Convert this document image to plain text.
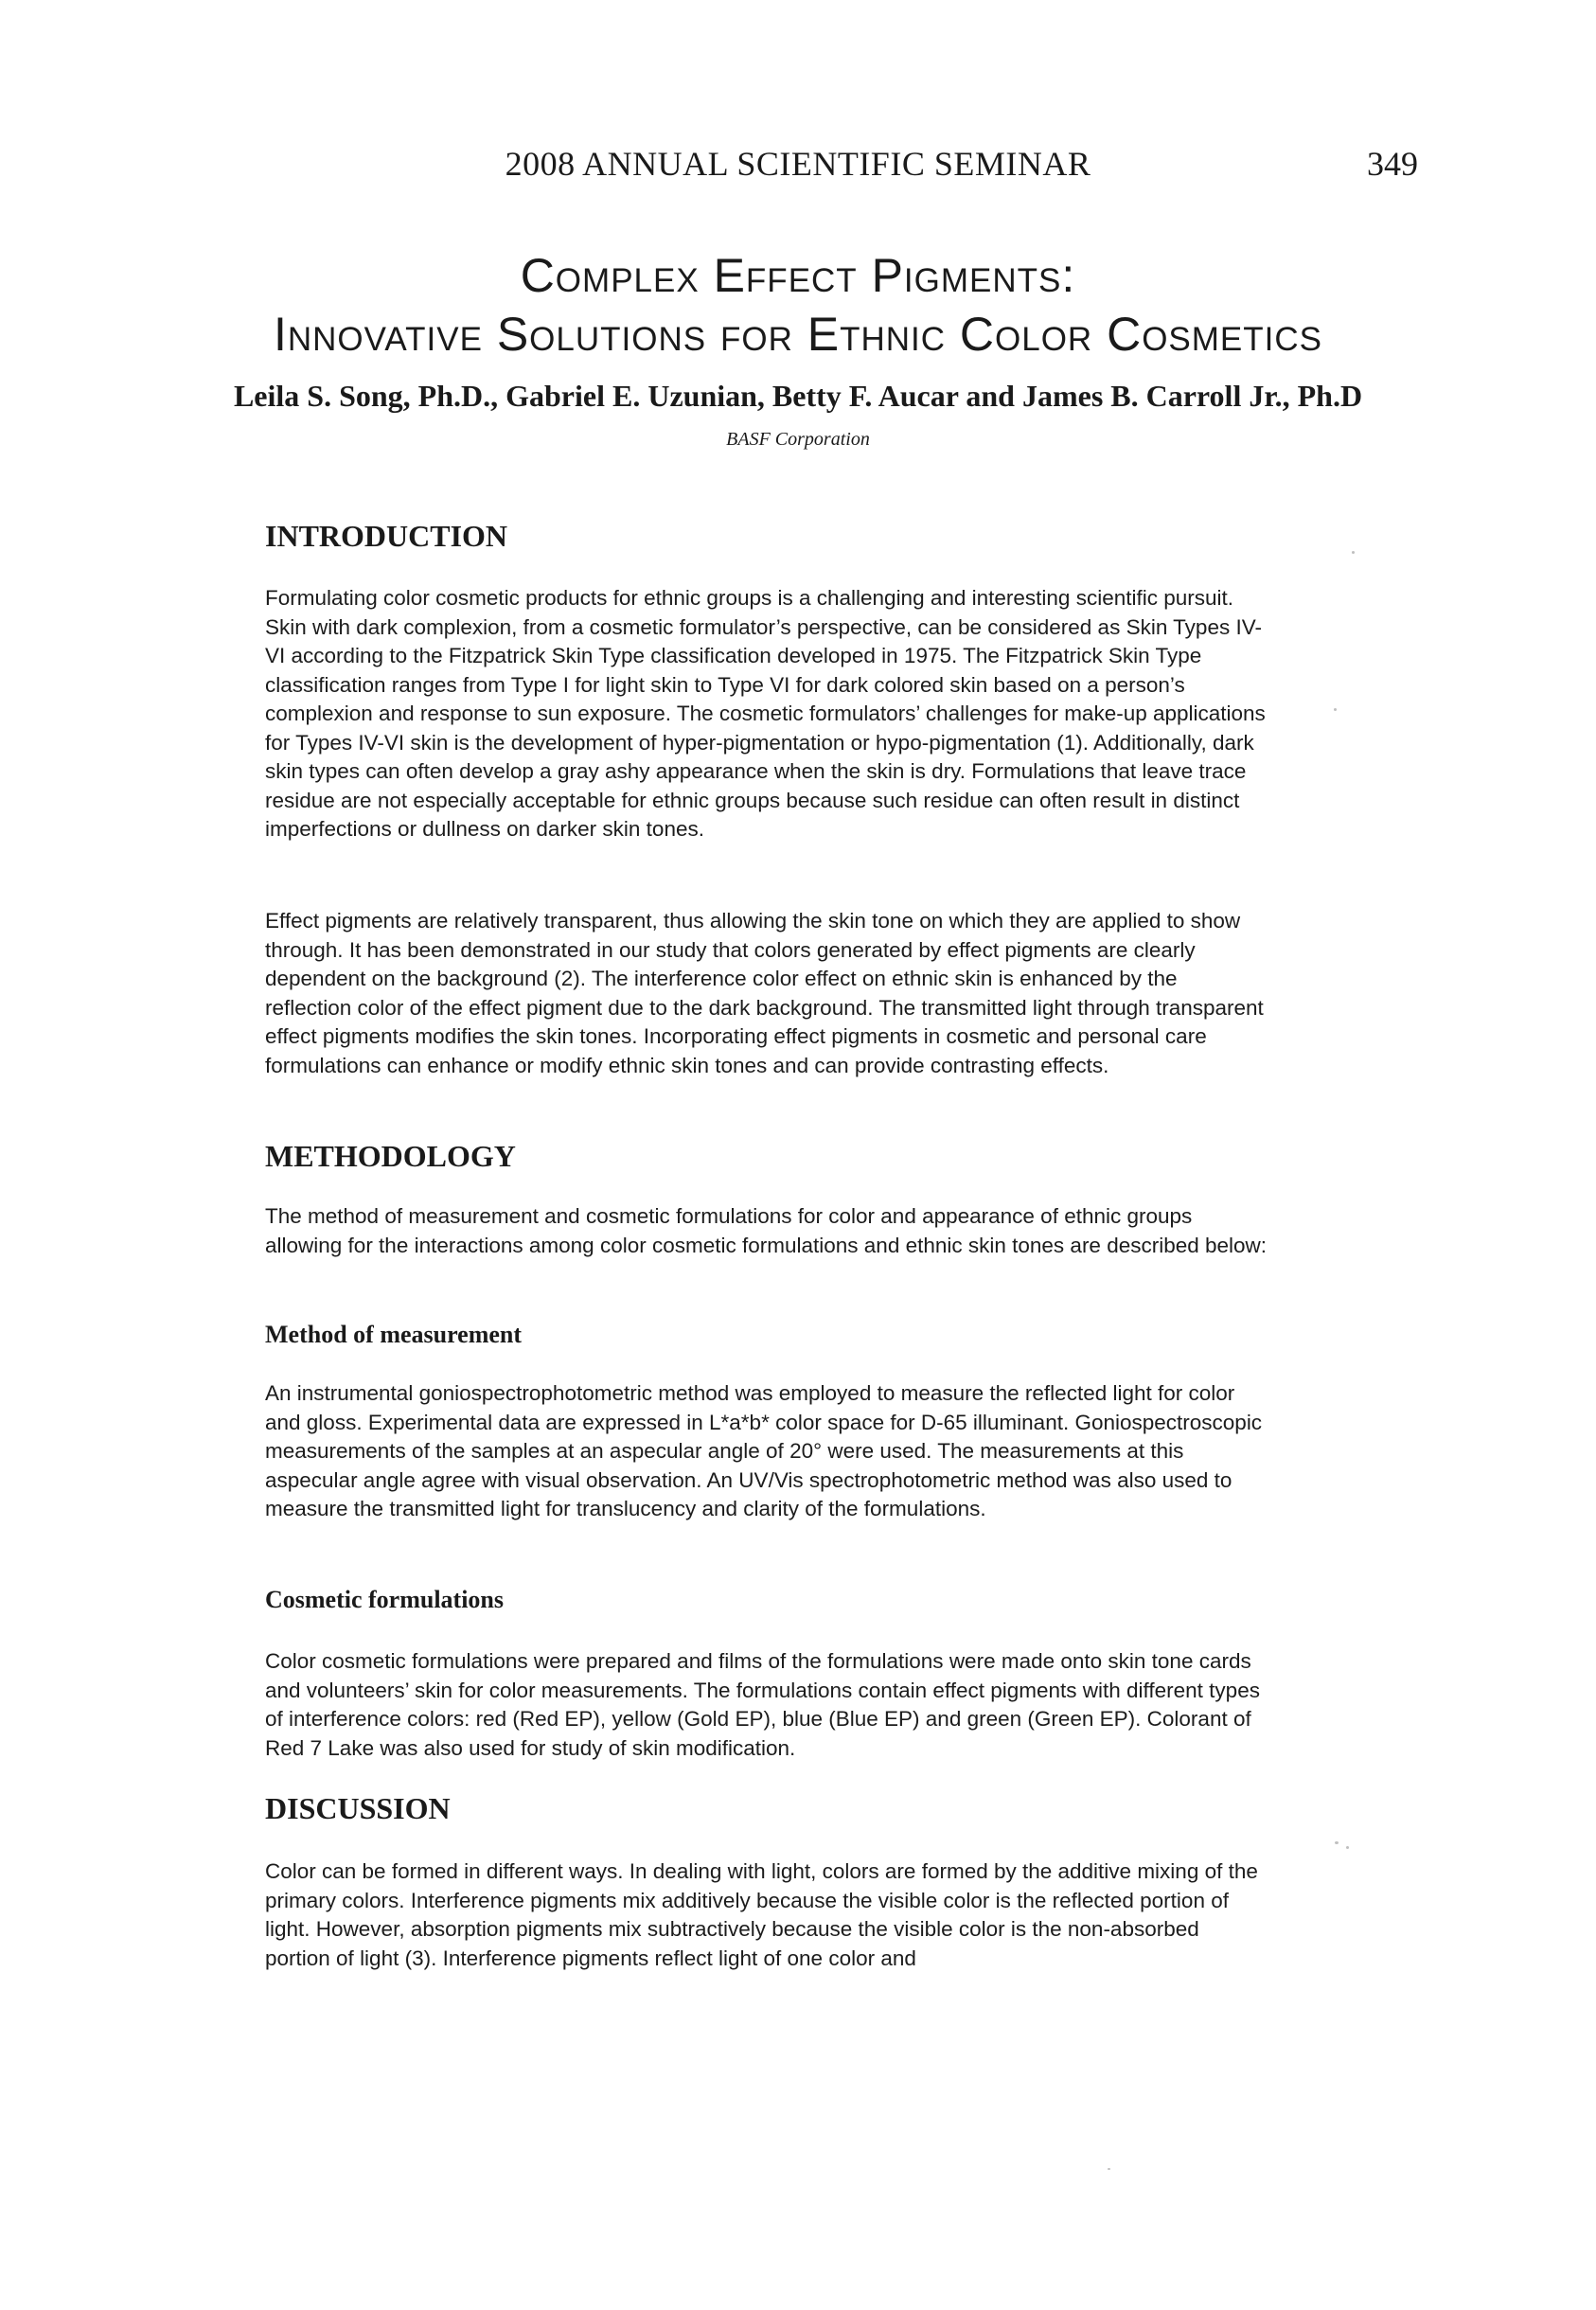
2008 ANNUAL SCIENTIFIC SEMINAR	349
Complex Effect Pigments:
Innovative Solutions for Ethnic Color Cosmetics
Leila S. Song, Ph.D., Gabriel E. Uzunian, Betty F. Aucar and James B. Carroll Jr., Ph.D
BASF Corporation
INTRODUCTION

Formulating color cosmetic products for ethnic groups is a challenging and interesting scientific pursuit. Skin with dark complexion, from a cosmetic formulator’s perspective, can be considered as Skin Types IV-VI according to the Fitzpatrick Skin Type classification developed in 1975. The Fitzpatrick Skin Type classification ranges from Type I for light skin to Type VI for dark colored skin based on a person’s complexion and response to sun exposure. The cosmetic formulators’ challenges for make-up applications for Types IV-VI skin is the development of hyper-pigmentation or hypo-pigmentation (1). Additionally, dark skin types can often develop a gray ashy appearance when the skin is dry. Formulations that leave trace residue are not especially acceptable for ethnic groups because such residue can often result in distinct imperfections or dullness on darker skin tones.

Effect pigments are relatively transparent, thus allowing the skin tone on which they are applied to show through. It has been demonstrated in our study that colors generated by effect pigments are clearly dependent on the background (2). The interference color effect on ethnic skin is enhanced by the reflection color of the effect pigment due to the dark background. The transmitted light through transparent effect pigments modifies the skin tones. Incorporating effect pigments in cosmetic and personal care formulations can enhance or modify ethnic skin tones and can provide contrasting effects.

METHODOLOGY

The method of measurement and cosmetic formulations for color and appearance of ethnic groups allowing for the interactions among color cosmetic formulations and ethnic skin tones are described below:

Method of measurement

An instrumental goniospectrophotometric method was employed to measure the reflected light for color and gloss. Experimental data are expressed in L*a*b* color space for D-65 illuminant. Goniospectroscopic measurements of the samples at an aspecular angle of 20° were used. The measurements at this aspecular angle agree with visual observation. An UV/Vis spectrophotometric method was also used to measure the transmitted light for translucency and clarity of the formulations.

Cosmetic formulations

Color cosmetic formulations were prepared and films of the formulations were made onto skin tone cards and volunteers’ skin for color measurements. The formulations contain effect pigments with different types of interference colors: red (Red EP), yellow (Gold EP), blue (Blue EP) and green (Green EP). Colorant of Red 7 Lake was also used for study of skin modification.

DISCUSSION

Color can be formed in different ways. In dealing with light, colors are formed by the additive mixing of the primary colors. Interference pigments mix additively because the visible color is the reflected portion of light. However, absorption pigments mix subtractively because the visible color is the non-absorbed portion of light (3). Interference pigments reflect light of one color and
